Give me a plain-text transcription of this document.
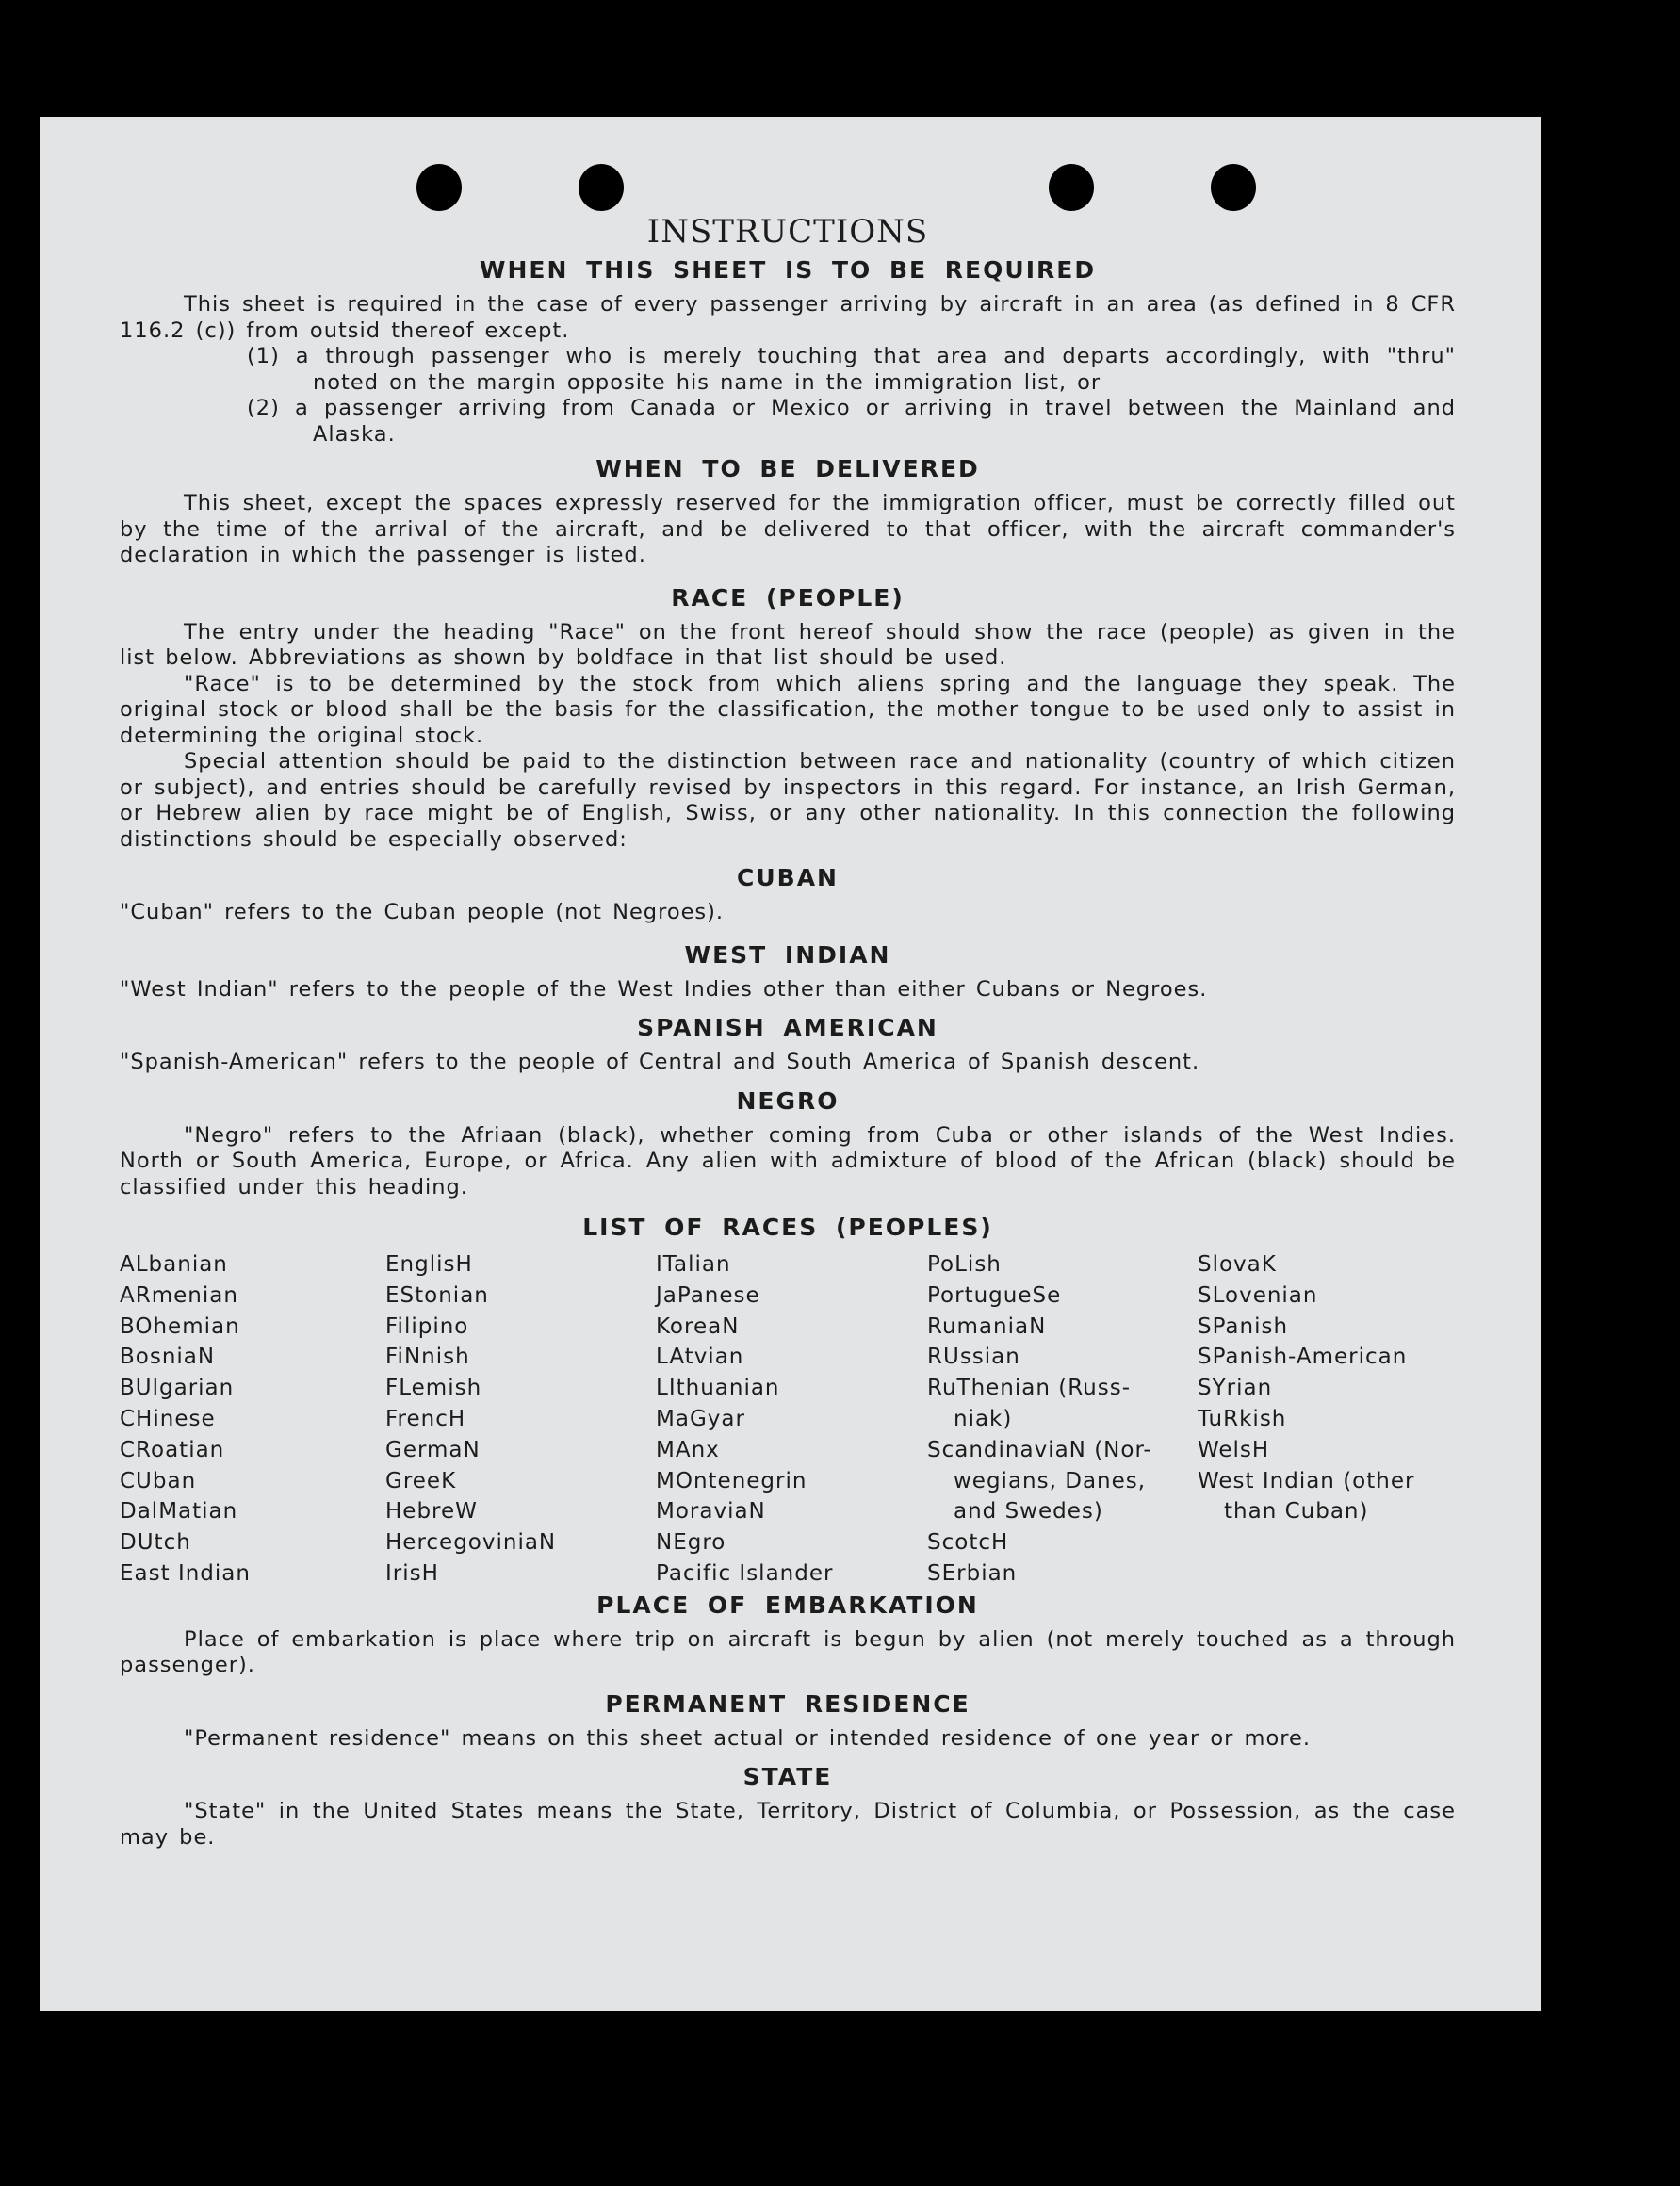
INSTRUCTIONS
WHEN THIS SHEET IS TO BE REQUIRED

This sheet is required in the case of every passenger arriving by aircraft in an area (as defined in 8 CFR 116.2 (c)) from outsid thereof except.

(1) a through passenger who is merely touching that area and departs accordingly, with "thru" noted on the margin opposite his name in the immigration list, or
(2) a passenger arriving from Canada or Mexico or arriving in travel between the Mainland and Alaska.
WHEN TO BE DELIVERED

This sheet, except the spaces expressly reserved for the immigration officer, must be correctly filled out by the time of the arrival of the aircraft, and be delivered to that officer, with the aircraft commander's declaration in which the passenger is listed.

RACE (PEOPLE)

The entry under the heading "Race" on the front hereof should show the race (people) as given in the list below. Abbreviations as shown by boldface in that list should be used.

"Race" is to be determined by the stock from which aliens spring and the language they speak. The original stock or blood shall be the basis for the classification, the mother tongue to be used only to assist in determining the original stock.

Special attention should be paid to the distinction between race and nationality (country of which citizen or subject), and entries should be carefully revised by inspectors in this regard. For instance, an Irish German, or Hebrew alien by race might be of English, Swiss, or any other nationality. In this connection the following distinctions should be especially observed:

CUBAN

"Cuban" refers to the Cuban people (not Negroes).

WEST INDIAN

"West Indian" refers to the people of the West Indies other than either Cubans or Negroes.

SPANISH AMERICAN

"Spanish-American" refers to the people of Central and South America of Spanish descent.

NEGRO

"Negro" refers to the Afriaan (black), whether coming from Cuba or other islands of the West Indies. North or South America, Europe, or Africa. Any alien with admixture of blood of the African (black) should be classified under this heading.

LIST OF RACES (PEOPLES)
ALbanian
ARmenian
BOhemian
BosniaN
BUlgarian
CHinese
CRoatian
CUban
DalMatian
DUtch
East Indian
EnglisH
EStonian
Filipino
FiNnish
FLemish
FrencH
GermaN
GreeK
HebreW
HercegoviniaN
IrisH
ITalian
JaPanese
KoreaN
LAtvian
LIthuanian
MaGyar
MAnx
MOntenegrin
MoraviaN
NEgro
Pacific Islander
PoLish
PortugueSe
RumaniaN
RUssian
RuThenian (Russ-
niak)
ScandinaviaN (Nor-
wegians, Danes,
and Swedes)
ScotcH
SErbian
SlovaK
SLovenian
SPanish
SPanish-American
SYrian
TuRkish
WelsH
West Indian (other
than Cuban)
PLACE OF EMBARKATION

Place of embarkation is place where trip on aircraft is begun by alien (not merely touched as a through passenger).

PERMANENT RESIDENCE

"Permanent residence" means on this sheet actual or intended residence of one year or more.

STATE

"State" in the United States means the State, Territory, District of Columbia, or Possession, as the case may be.
